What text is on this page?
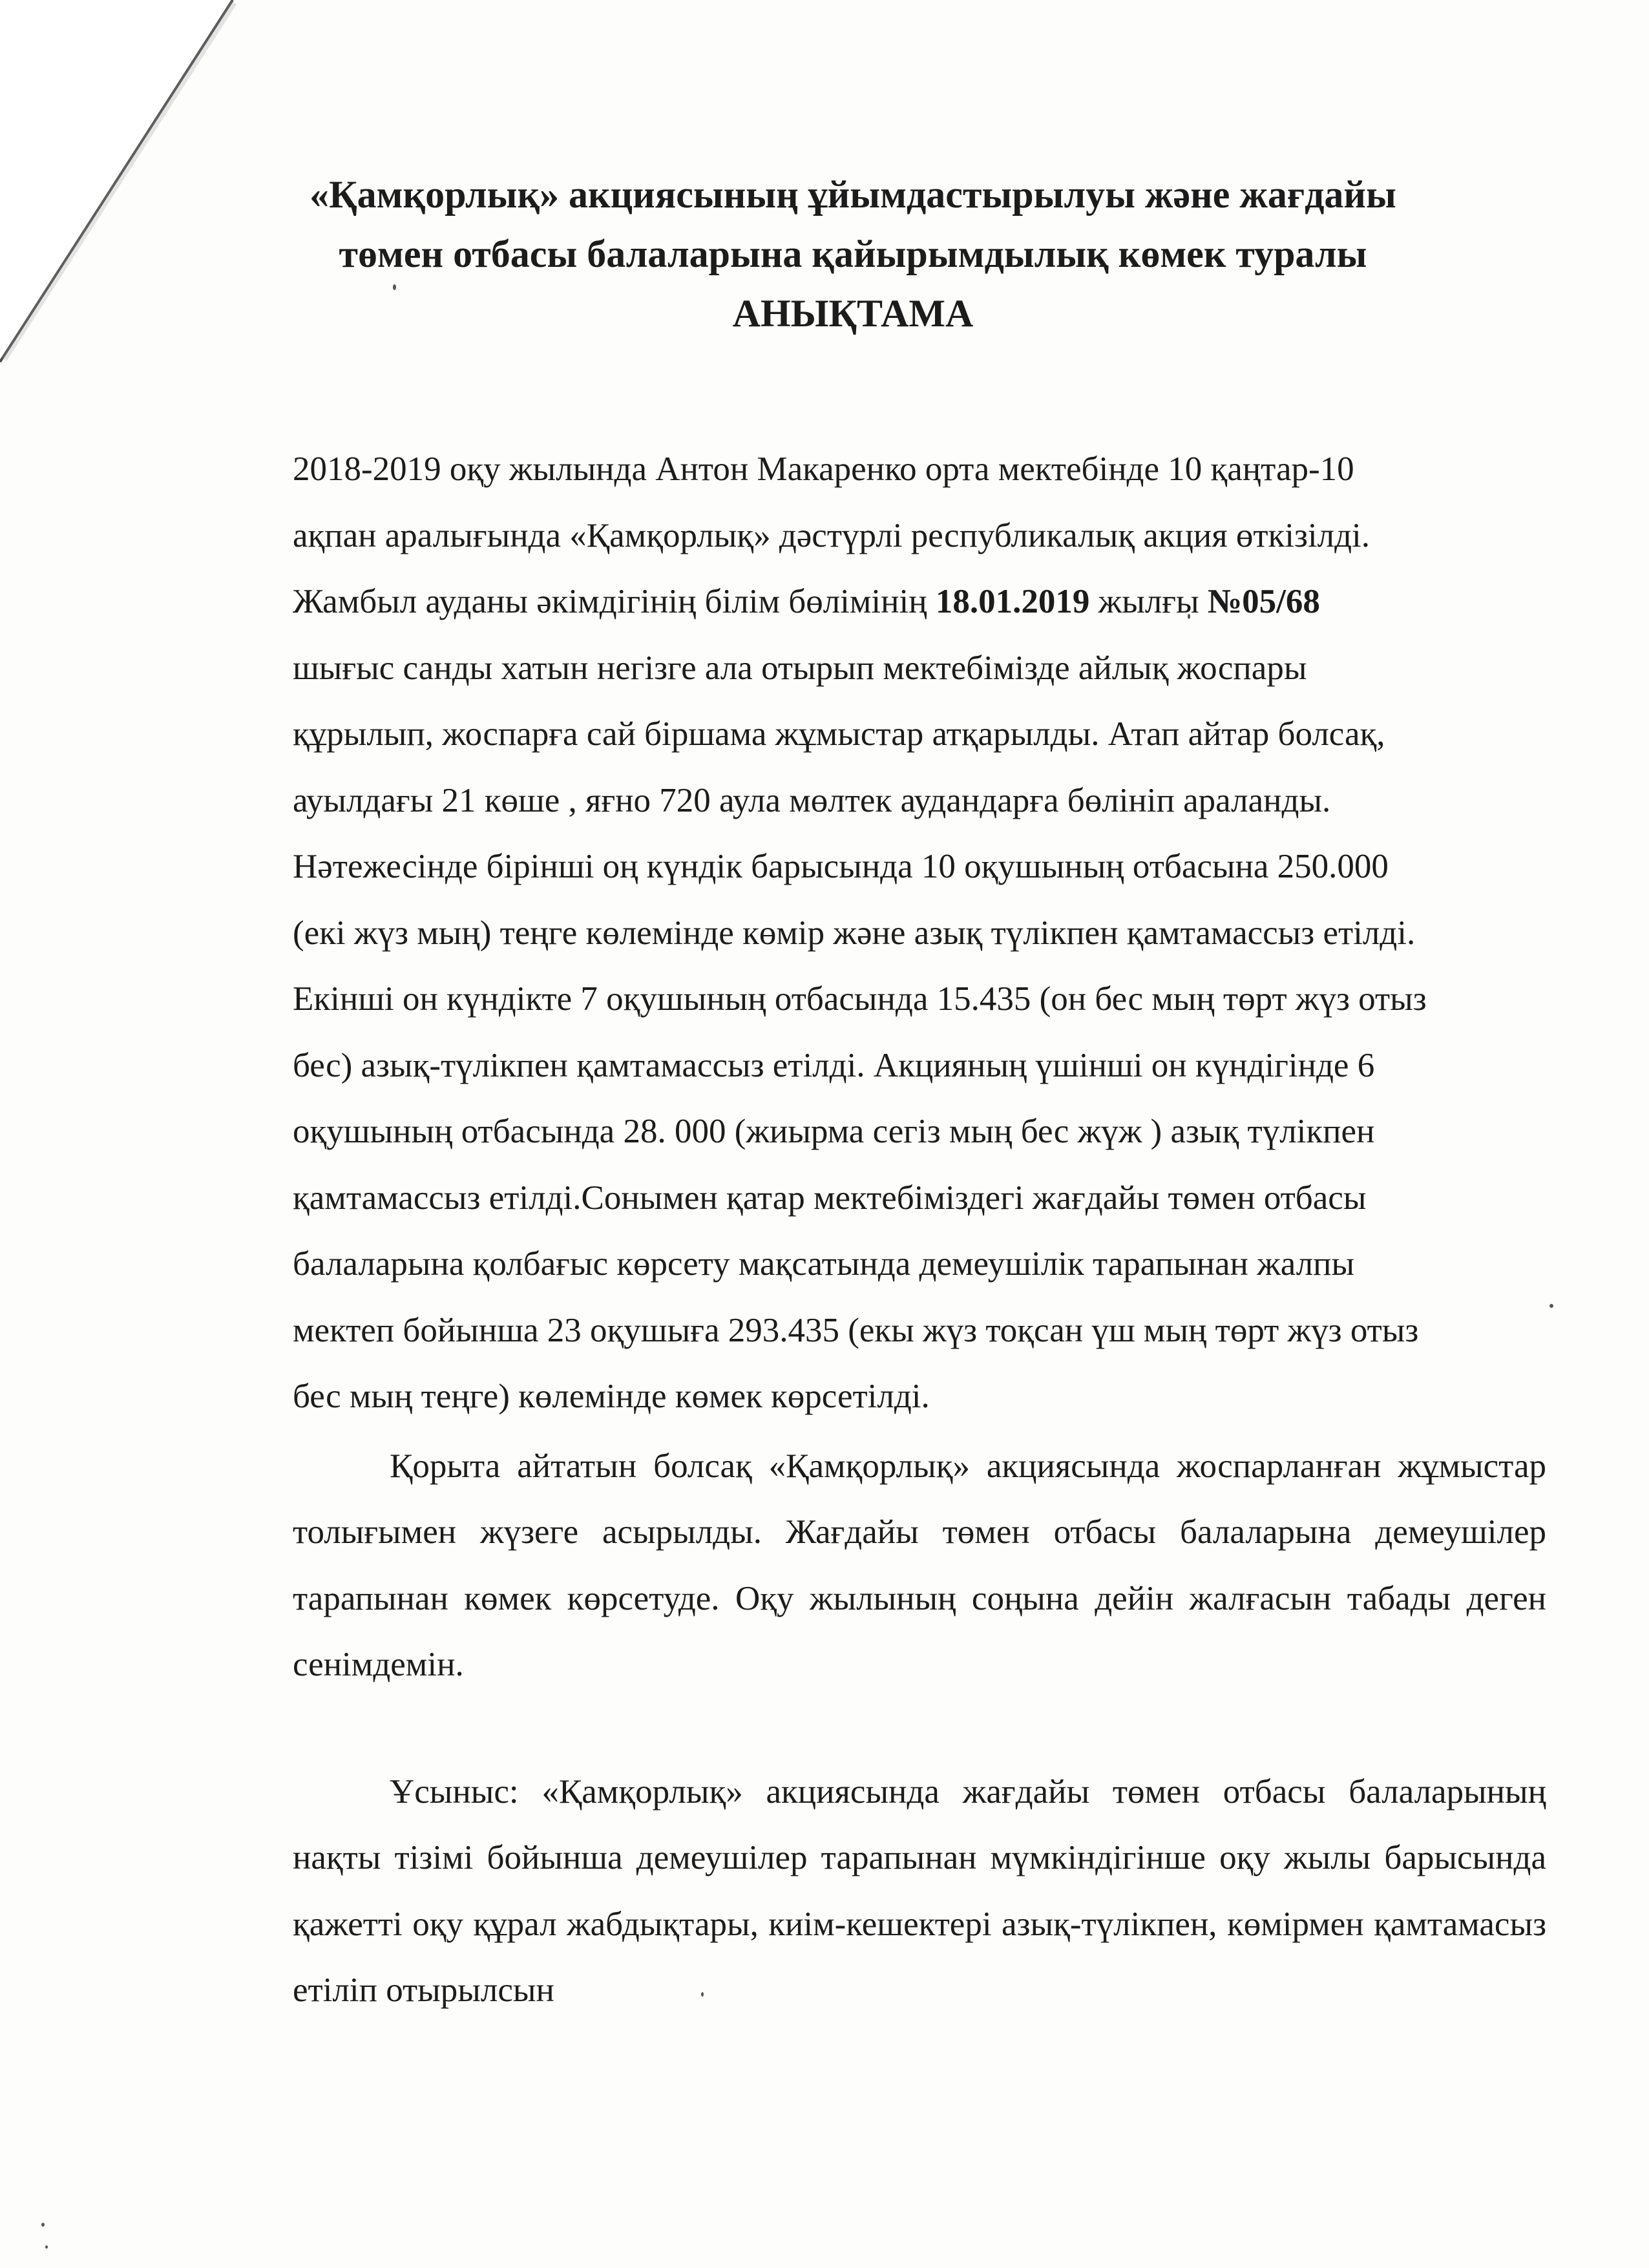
«Қамқорлық» акциясының ұйымдастырылуы және жағдайы
төмен отбасы балаларына қайырымдылық көмек туралы
АНЫҚТАМА
2018-2019 оқу жылында Антон Макаренко орта мектебінде 10 қаңтар-10
ақпан аралығында «Қамқорлық» дәстүрлі республикалық акция өткізілді.
Жамбыл ауданы әкімдігінің білім бөлімінің 18.01.2019 жылғы №05/68
шығыс санды хатын негізге ала отырып мектебімізде айлық жоспары
құрылып, жоспарға сай біршама жұмыстар атқарылды. Атап айтар болсақ,
ауылдағы 21 көше , яғно 720 аула мөлтек аудандарға бөлініп араланды.
Нәтежесінде бірінші оң күндік барысында 10 оқушының отбасына 250.000
(екі жүз мың) теңге көлемінде көмір және азық түлікпен қамтамассыз етілді.
Екінші он күндікте 7 оқушының отбасында 15.435 (он бес мың төрт жүз отыз
бес) азық-түлікпен қамтамассыз етілді. Акцияның үшінші он күндігінде 6
оқушының отбасында 28. 000 (жиырма сегіз мың бес жүж ) азық түлікпен
қамтамассыз етілді.Сонымен қатар мектебіміздегі жағдайы төмен отбасы
балаларына қолбағыс көрсету мақсатында демеушілік тарапынан жалпы
мектеп бойынша 23 оқушыға 293.435 (екы жүз тоқсан үш мың төрт жүз отыз
бес мың теңге) көлемінде көмек көрсетілді.
Қорыта айтатын болсақ «Қамқорлық» акциясында жоспарланған жұмыстар толығымен жүзеге асырылды. Жағдайы төмен отбасы балаларына демеушілер тарапынан көмек көрсетуде. Оқу жылының соңына дейін жалғасын табады деген сенімдемін.
Ұсыныс: «Қамқорлық» акциясында жағдайы төмен отбасы балаларының нақты тізімі бойынша демеушілер тарапынан мүмкіндігінше оқу жылы барысында қажетті оқу құрал жабдықтары, киім-кешектері азық-түлікпен, көмірмен қамтамасыз етіліп отырылсын
